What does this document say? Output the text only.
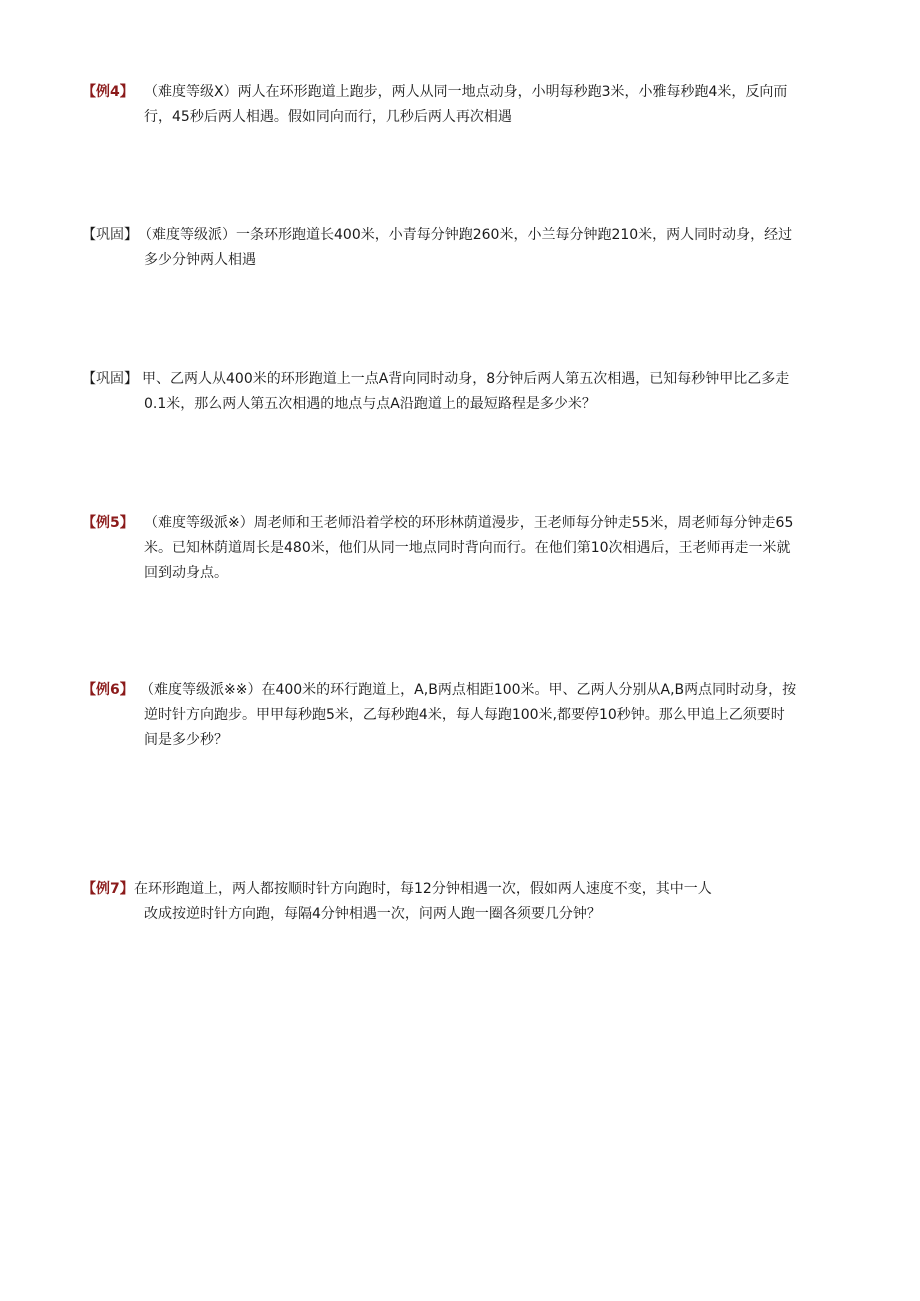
【例4】 （难度等级X）两人在环形跑道上跑步，两人从同一地点动身，小明每秒跑3米，小雅每秒跑4米，反向而
行，45秒后两人相遇。假如同向而行，几秒后两人再次相遇
【巩固】 （难度等级派）一条环形跑道长400米，小青每分钟跑260米，小兰每分钟跑210米，两人同时动身，经过
多少分钟两人相遇
【巩固】 甲、乙两人从400米的环形跑道上一点A背向同时动身，8分钟后两人第五次相遇，已知每秒钟甲比乙多走
0.1米，那么两人第五次相遇的地点与点A沿跑道上的最短路程是多少米？
【例5】 （难度等级派※）周老师和王老师沿着学校的环形林荫道漫步，王老师每分钟走55米，周老师每分钟走65
米。已知林荫道周长是480米，他们从同一地点同时背向而行。在他们第10次相遇后，王老师再走一米就
回到动身点。
【例6】 （难度等级派※※）在400米的环行跑道上，A,B两点相距100米。甲、乙两人分别从A,B两点同时动身，按
逆时针方向跑步。甲甲每秒跑5米，乙每秒跑4米，每人每跑100米,都要停10秒钟。那么甲追上乙须要时
间是多少秒？
【例7】 在环形跑道上，两人都按顺时针方向跑时，每12分钟相遇一次，假如两人速度不变，其中一人
改成按逆时针方向跑，每隔4分钟相遇一次，问两人跑一圈各须要几分钟？
